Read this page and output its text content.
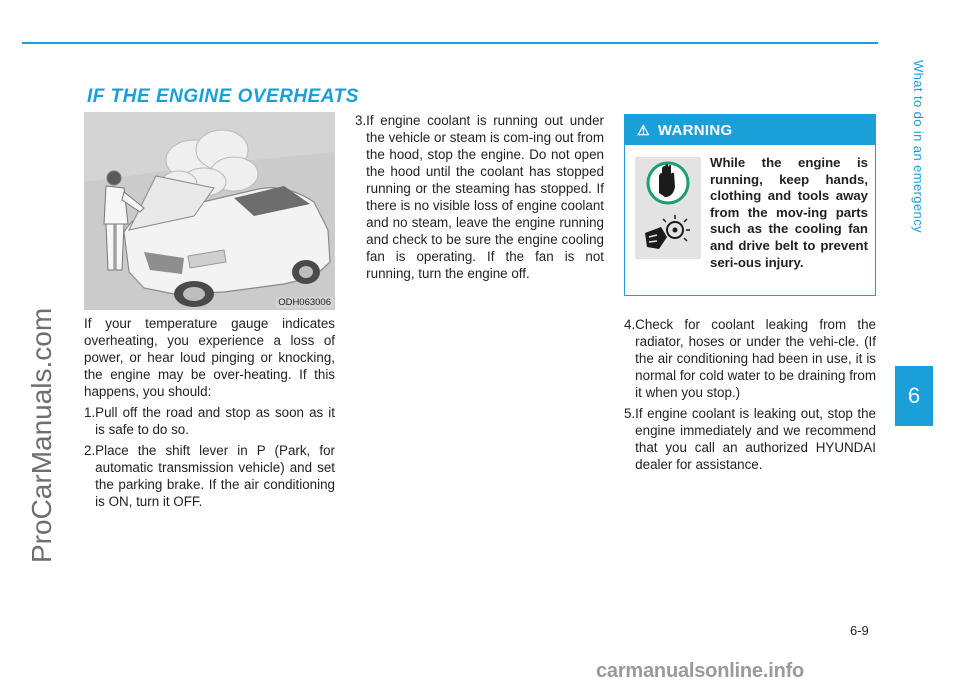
What to do in an emergency
6
ProCarManuals.com
IF THE ENGINE OVERHEATS
ODH063006

If your temperature gauge indicates overheating, you experience a loss of power, or hear loud pinging or knocking, the engine may be over-heating. If this happens, you should:

1. Pull off the road and stop as soon as it is safe to do so.
2. Place the shift lever in P (Park, for automatic transmission vehicle) and set the parking brake. If the air conditioning is ON, turn it OFF.
3. If engine coolant is running out under the vehicle or steam is com-ing out from the hood, stop the engine. Do not open the hood until the coolant has stopped running or the steaming has stopped. If there is no visible loss of engine coolant and no steam, leave the engine running and check to be sure the engine cooling fan is operating. If the fan is not running, turn the engine off.
⚠ WARNING
While the engine is running, keep hands, clothing and tools away from the mov-ing parts such as the cooling fan and drive belt to prevent seri-ous injury.
4. Check for coolant leaking from the radiator, hoses or under the vehi-cle. (If the air conditioning had been in use, it is normal for cold water to be draining from it when you stop.)
5. If engine coolant is leaking out, stop the engine immediately and we recommend that you call an authorized HYUNDAI dealer for assistance.
6-9
carmanualsonline.info
